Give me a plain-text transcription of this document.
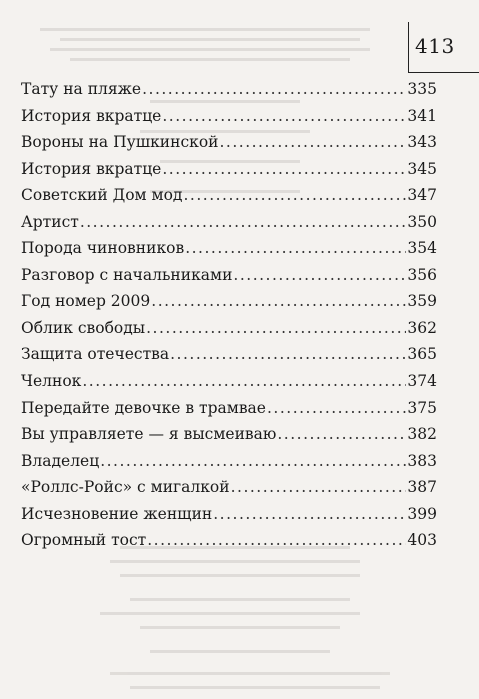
413
Тату на пляже .....	335
История вкратце .....	341
Вороны на Пушкинской .....	343
История вкратце .....	345
Советский Дом мод .....	347
Артист .....	350
Порода чиновников .....	354
Разговор с начальниками .....	356
Год номер 2009 .....	359
Облик свободы .....	362
Защита отечества .....	365
Челнок .....	374
Передайте девочке в трамвае .....	375
Вы управляете — я высмеиваю .....	382
Владелец .....	383
«Роллс-Ройс» с мигалкой .....	387
Исчезновение женщин .....	399
Огромный тост .....	403
